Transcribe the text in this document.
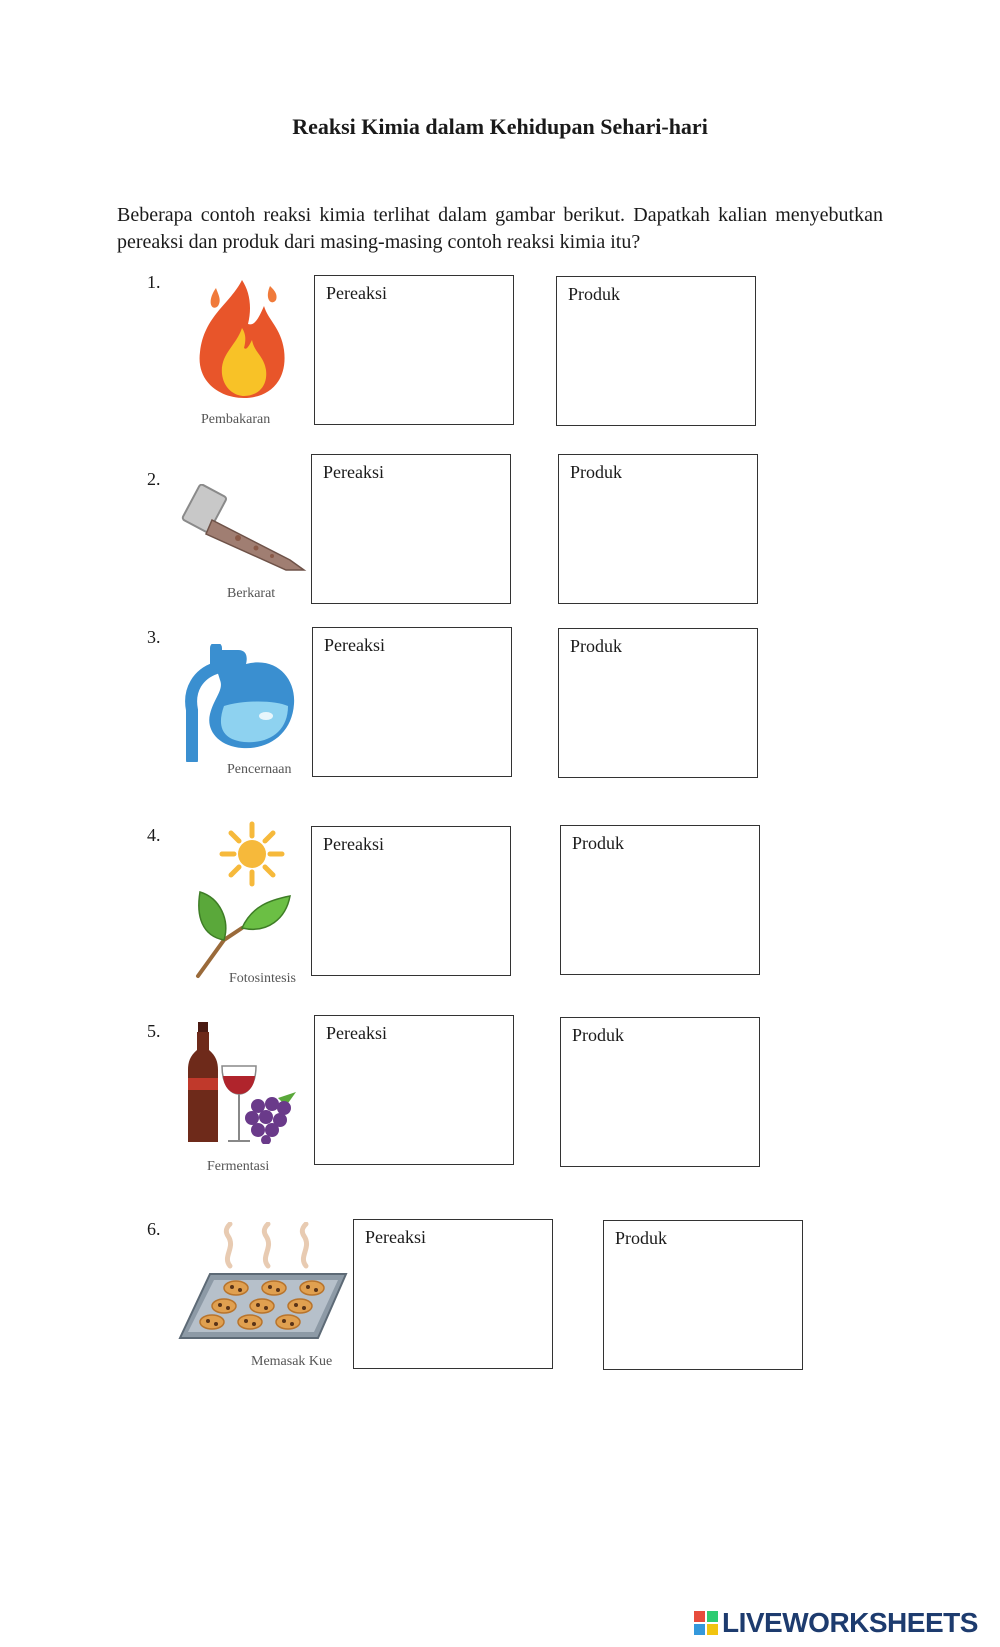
Reaksi Kimia dalam Kehidupan Sehari-hari
Beberapa contoh reaksi kimia terlihat dalam gambar berikut. Dapatkah kalian menyebutkan pereaksi dan produk dari masing-masing contoh reaksi kimia itu?
1.
Pembakaran
Pereaksi	Produk
2.
Berkarat
Pereaksi	Produk
3.
Pencernaan
Pereaksi	Produk
4.
Fotosintesis
Pereaksi	Produk
5.
Fermentasi
Pereaksi	Produk
6.
Memasak Kue
Pereaksi	Produk
LIVEWORKSHEETS
